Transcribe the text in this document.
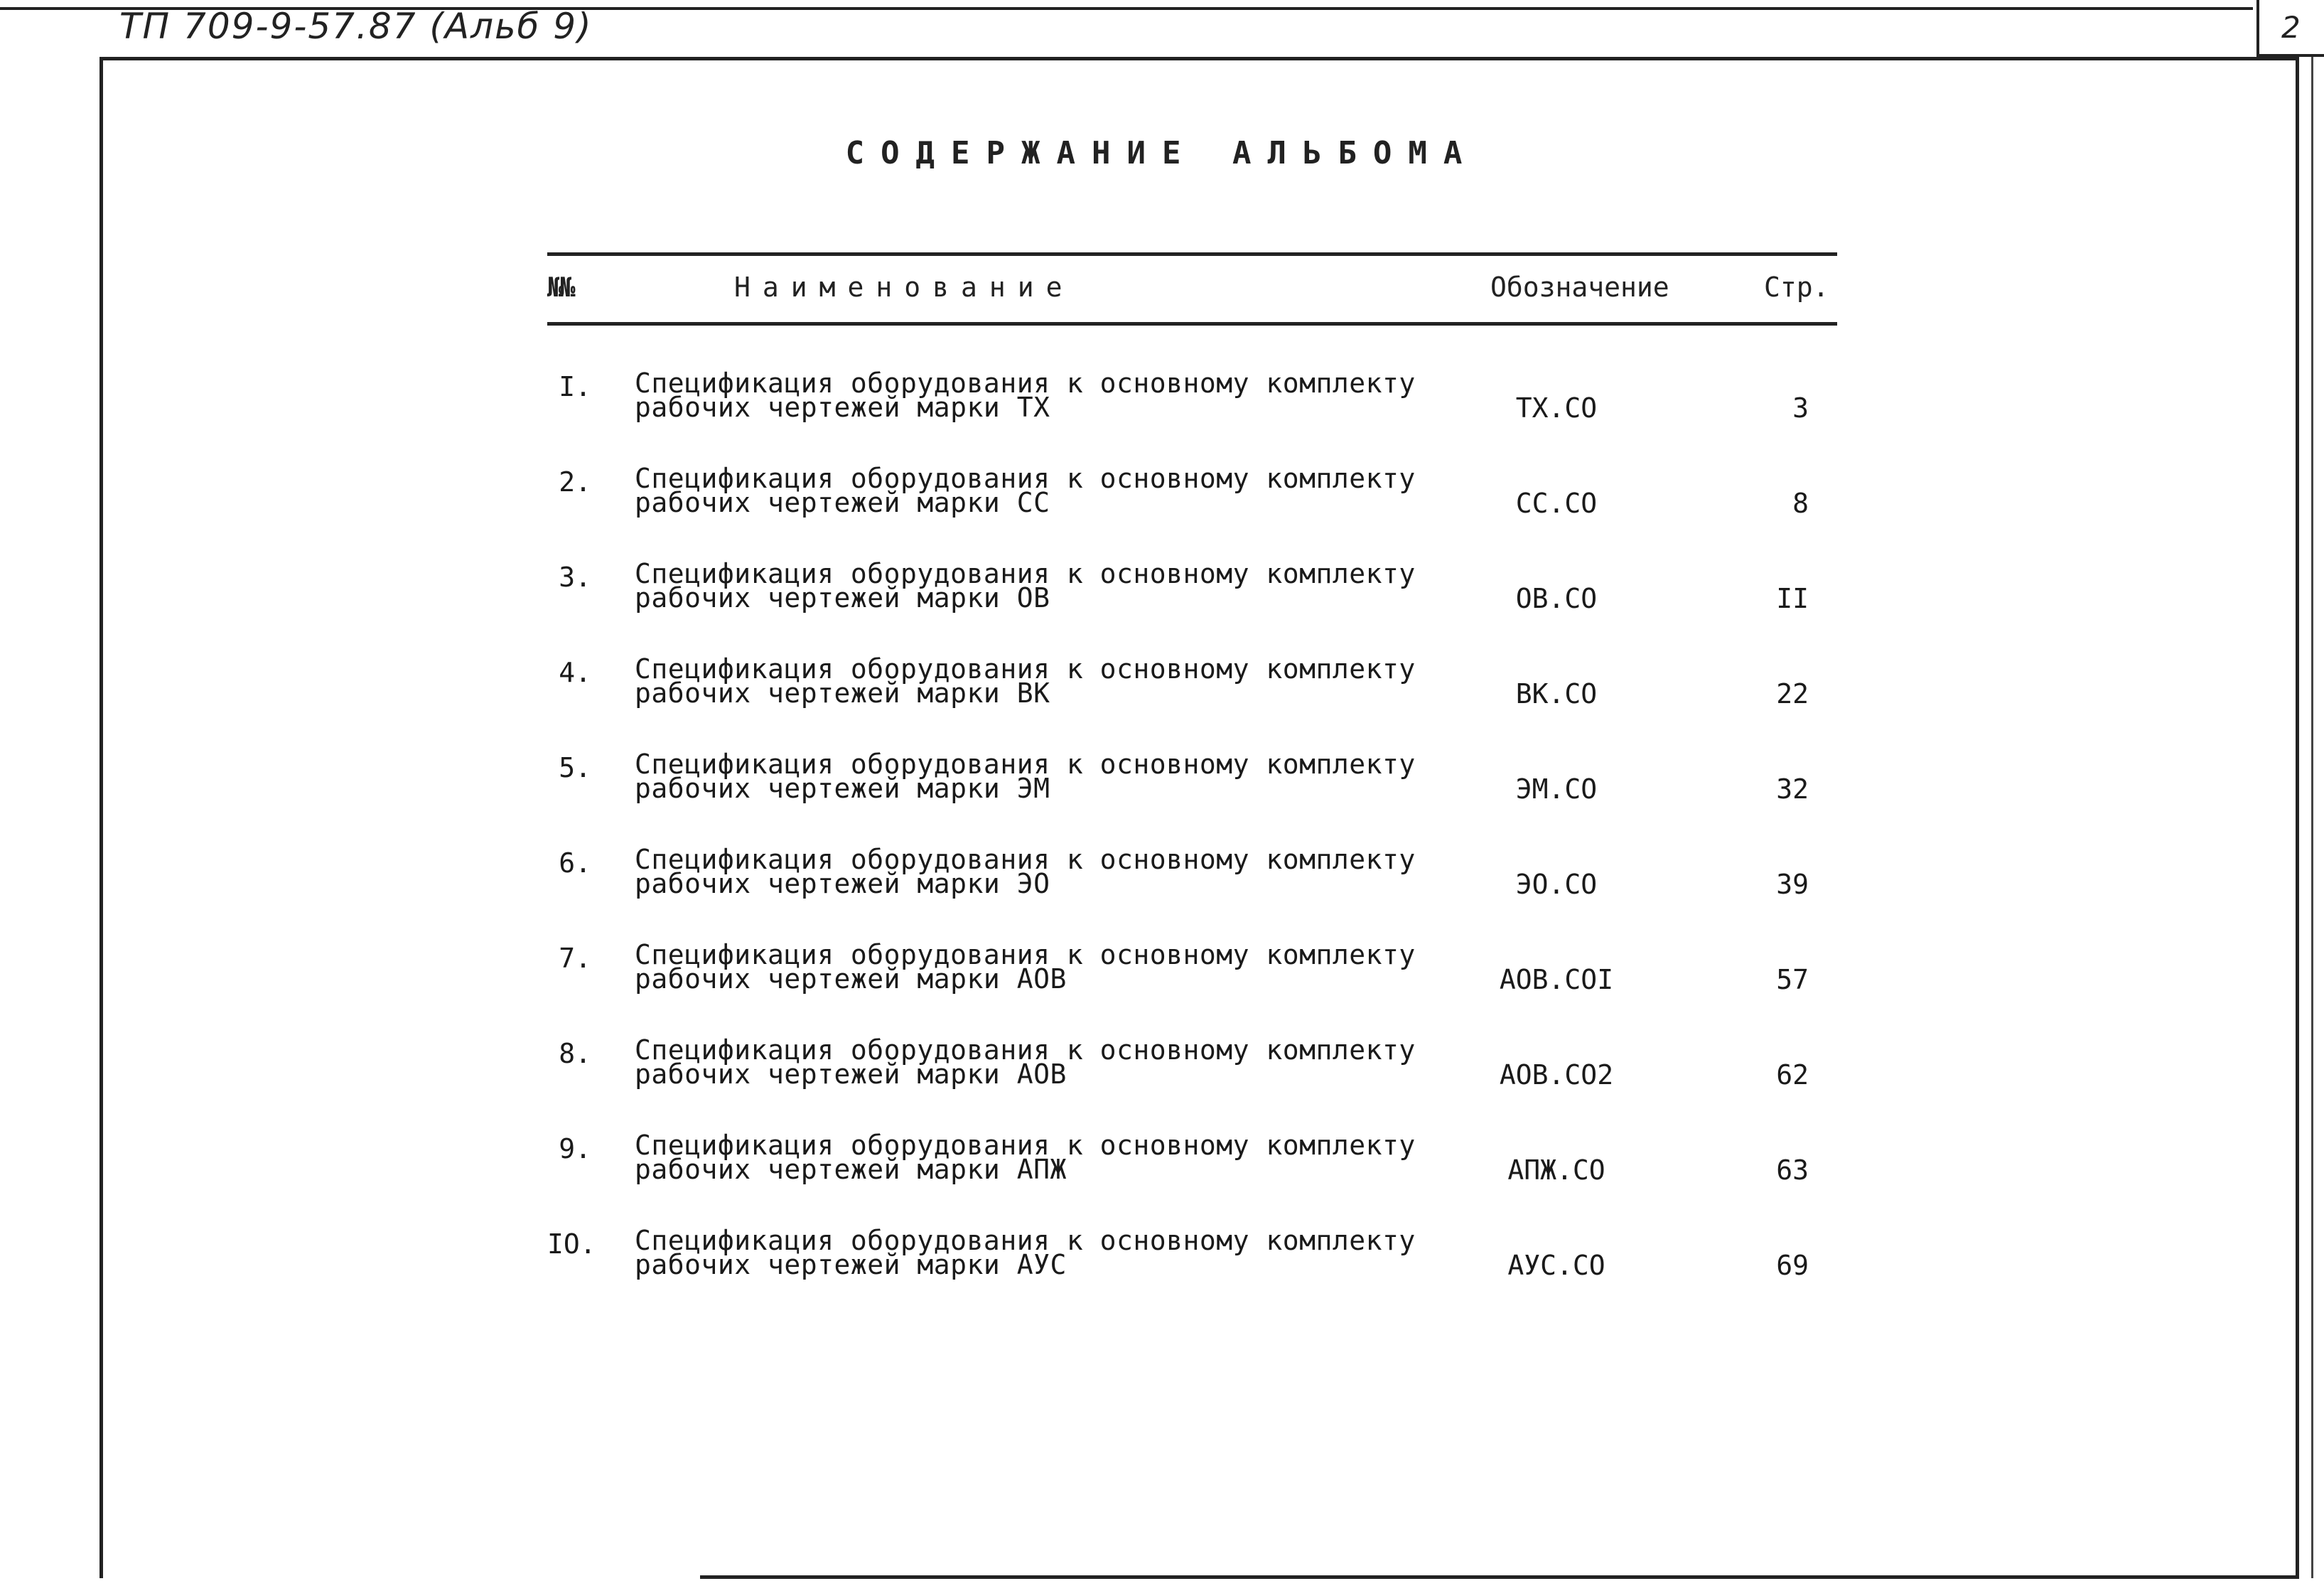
ТП 709-9-57.87 (Альб 9)	2
СОДЕРЖАНИЕ АЛЬБОМА
№№	Наименование	Обозначение	Стр.
I. Спецификация оборудования к основному комплекту
рабочих чертежей марки ТХ	ТХ.СО	3
2. Спецификация оборудования к основному комплекту
рабочих чертежей марки СС	СС.СО	8
3. Спецификация оборудования к основному комплекту
рабочих чертежей марки ОВ	ОВ.СО	II
4. Спецификация оборудования к основному комплекту
рабочих чертежей марки ВК	ВК.СО	22
5. Спецификация оборудования к основному комплекту
рабочих чертежей марки ЭМ	ЭМ.СО	32
6. Спецификация оборудования к основному комплекту
рабочих чертежей марки ЭО	ЭО.СО	39
7. Спецификация оборудования к основному комплекту
рабочих чертежей марки АОВ	АОВ.СОI	57
8. Спецификация оборудования к основному комплекту
рабочих чертежей марки АОВ	АОВ.СО2	62
9. Спецификация оборудования к основному комплекту
рабочих чертежей марки АПЖ	АПЖ.СО	63
IO. Спецификация оборудования к основному комплекту
рабочих чертежей марки АУС	АУС.СО	69
